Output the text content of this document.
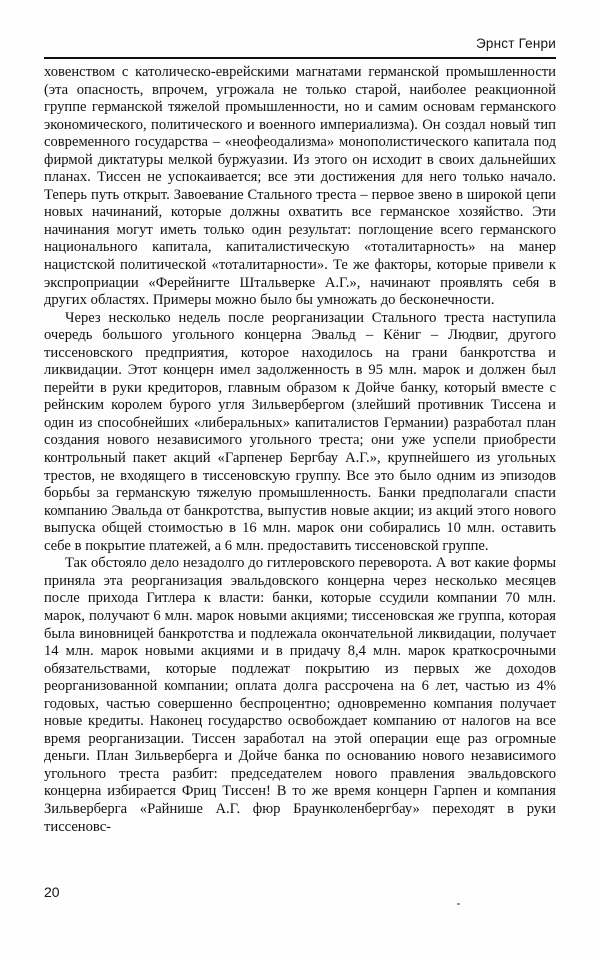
Эрнст Генри

ховенством с католическо-еврейскими магнатами германской промышленности (эта опасность, впрочем, угрожала не только старой, наиболее реакционной группе германской тяжелой промышленности, но и самим основам германского экономического, политического и военного империализма). Он создал новый тип современного государства – «неофеодализма» монополистического капитала под фирмой диктатуры мелкой буржуазии. Из этого он исходит в своих дальнейших планах. Тиссен не успокаивается; все эти достижения для него только начало. Теперь путь открыт. Завоевание Стального треста – первое звено в широкой цепи новых начинаний, которые должны охватить все германское хозяйство. Эти начинания могут иметь только один результат: поглощение всего германского национального капитала, капиталистическую «тоталитарность» на манер нацистской политической «тоталитарности». Те же факторы, которые привели к экспроприации «Ферейнигте Штальверке А.Г.», начинают проявлять себя в других областях. Примеры можно было бы умножать до бесконечности.

Через несколько недель после реорганизации Стального треста наступила очередь большого угольного концерна Эвальд – Кёниг – Людвиг, другого тиссеновского предприятия, которое находилось на грани банкротства и ликвидации. Этот концерн имел задолженность в 95 млн. марок и должен был перейти в руки кредиторов, главным образом к Дойче банку, который вместе с рейнским королем бурого угля Зильвербергом (злейший противник Тиссена и один из способнейших «либеральных» капиталистов Германии) разработал план создания нового независимого угольного треста; они уже успели приобрести контрольный пакет акций «Гарпенер Бергбау А.Г.», крупнейшего из угольных трестов, не входящего в тиссеновскую группу. Все это было одним из эпизодов борьбы за германскую тяжелую промышленность. Банки предполагали спасти компанию Эвальда от банкротства, выпустив новые акции; из акций этого нового выпуска общей стоимостью в 16 млн. марок они собирались 10 млн. оставить себе в покрытие платежей, а 6 млн. предоставить тиссеновской группе.

Так обстояло дело незадолго до гитлеровского переворота. А вот какие формы приняла эта реорганизация эвальдовского концерна через несколько месяцев после прихода Гитлера к власти: банки, которые ссудили компании 70 млн. марок, получают 6 млн. марок новыми акциями; тиссеновская же группа, которая была виновницей банкротства и подлежала окончательной ликвидации, получает 14 млн. марок новыми акциями и в придачу 8,4 млн. марок краткосрочными обязательствами, которые подлежат покрытию из первых же доходов реорганизованной компании; оплата долга рассрочена на 6 лет, частью из 4% годовых, частью совершенно беспроцентно; одновременно компания получает новые кредиты. Наконец государство освобождает компанию от налогов на все время реорганизации. Тиссен заработал на этой операции еще раз огромные деньги. План Зильверберга и Дойче банка по основанию нового независимого угольного треста разбит: председателем нового правления эвальдовского концерна избирается Фриц Тиссен! В то же время концерн Гарпен и компания Зильверберга «Райнише А.Г. фюр Браунколенбергбау» переходят в руки тиссеновс-

20
